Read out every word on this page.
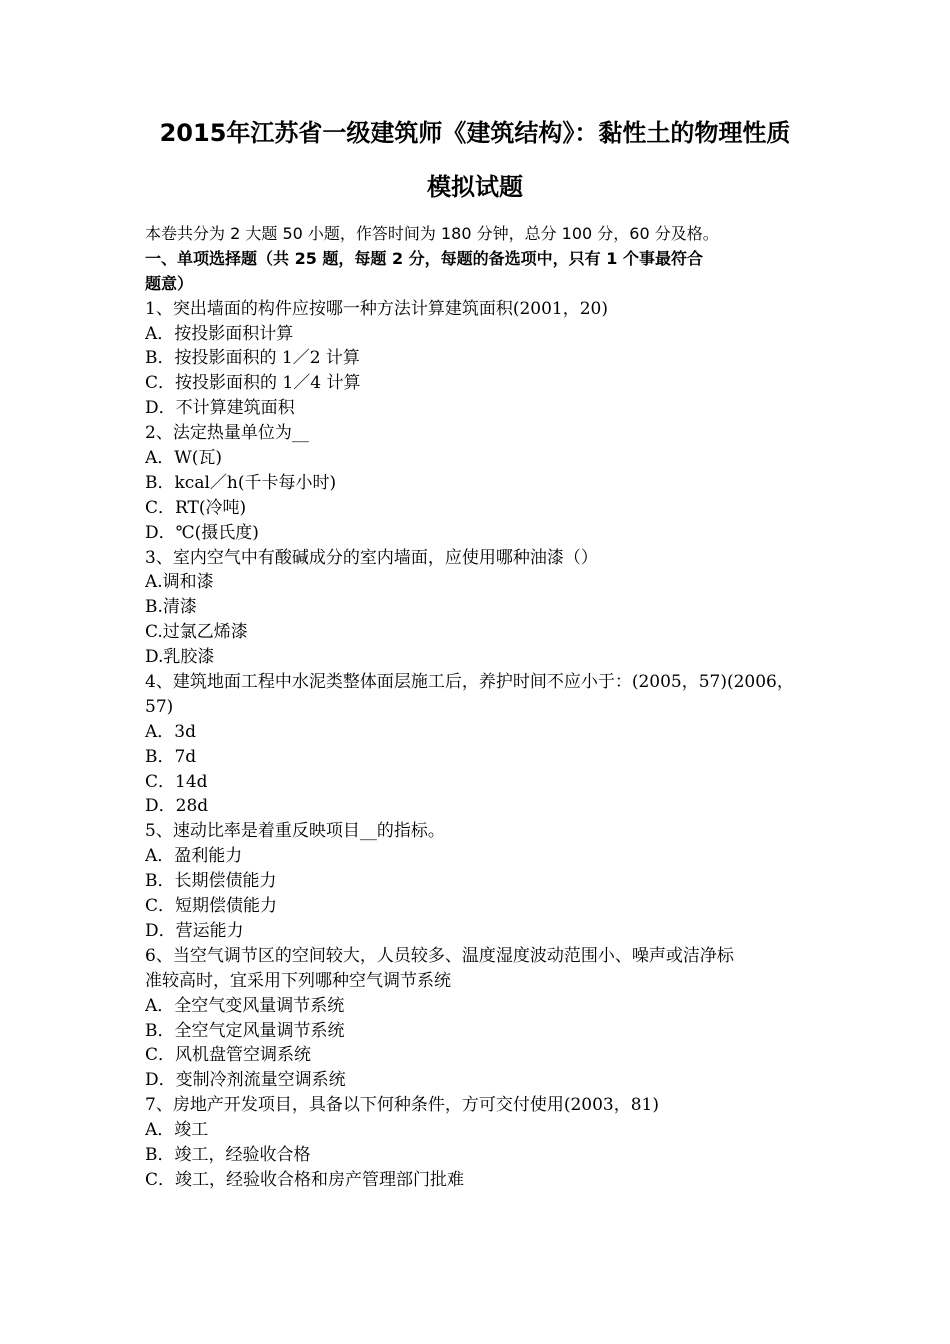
2015年江苏省一级建筑师《建筑结构》：黏性土的物理性质
模拟试题
本卷共分为 2 大题 50 小题，作答时间为 180 分钟，总分 100 分，60 分及格。
一、单项选择题（共 25 题，每题 2 分，每题的备选项中，只有 1 个事最符合
题意）
1、突出墙面的构件应按哪一种方法计算建筑面积(2001，20)
A．按投影面积计算
B．按投影面积的 1／2 计算
C．按投影面积的 1／4 计算
D．不计算建筑面积
2、法定热量单位为__
A．W(瓦)
B．kcal／h(千卡每小时)
C．RT(冷吨)
D．℃(摄氏度)
3、室内空气中有酸碱成分的室内墙面，应使用哪种油漆（）
A.调和漆
B.清漆
C.过氯乙烯漆
D.乳胶漆
4、建筑地面工程中水泥类整体面层施工后，养护时间不应小于：(2005，57)(2006，
57)
A．3d
B．7d
C．14d
D．28d
5、速动比率是着重反映项目__的指标。
A．盈利能力
B．长期偿债能力
C．短期偿债能力
D．营运能力
6、当空气调节区的空间较大，人员较多、温度湿度波动范围小、噪声或洁净标
准较高时，宜采用下列哪种空气调节系统
A．全空气变风量调节系统
B．全空气定风量调节系统
C．风机盘管空调系统
D．变制冷剂流量空调系统
7、房地产开发项目，具备以下何种条件，方可交付使用(2003，81)
A．竣工
B．竣工，经验收合格
C．竣工，经验收合格和房产管理部门批难
